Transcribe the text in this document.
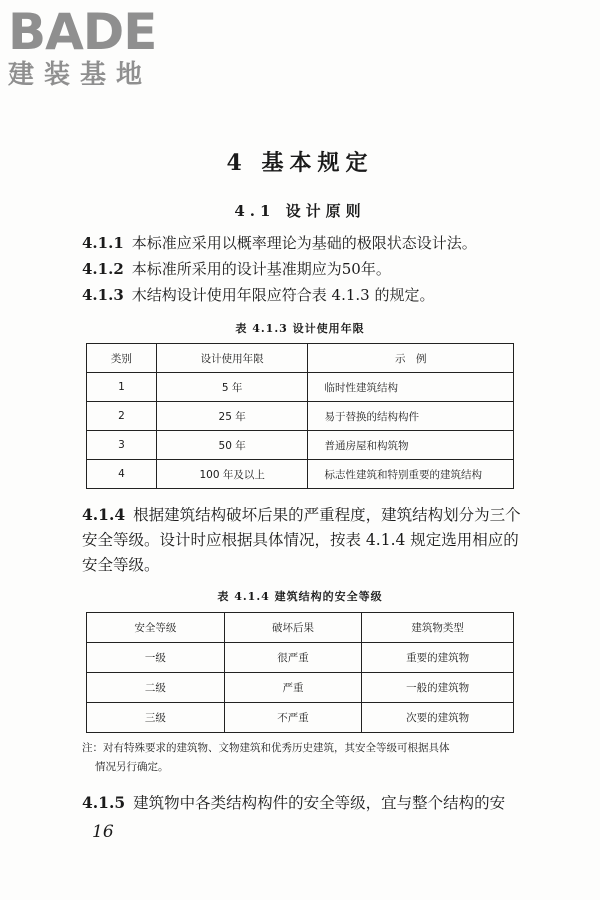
BADE
建装基地
4 基本规定
4.1 设计原则
4.1.1 本标准应采用以概率理论为基础的极限状态设计法。
4.1.2 本标准所采用的设计基准期应为50年。
4.1.3 木结构设计使用年限应符合表 4.1.3 的规定。
表 4.1.3 设计使用年限
类别	设计使用年限	示　例
1	5 年	临时性建筑结构
2	25 年	易于替换的结构构件
3	50 年	普通房屋和构筑物
4	100 年及以上	标志性建筑和特别重要的建筑结构
4.1.4 根据建筑结构破坏后果的严重程度，建筑结构划分为三个安全等级。设计时应根据具体情况，按表 4.1.4 规定选用相应的安全等级。
表 4.1.4 建筑结构的安全等级
安全等级	破坏后果	建筑物类型
一级	很严重	重要的建筑物
二级	严重	一般的建筑物
三级	不严重	次要的建筑物
注：对有特殊要求的建筑物、文物建筑和优秀历史建筑，其安全等级可根据具体
情况另行确定。
4.1.5 建筑物中各类结构构件的安全等级，宜与整个结构的安
16
